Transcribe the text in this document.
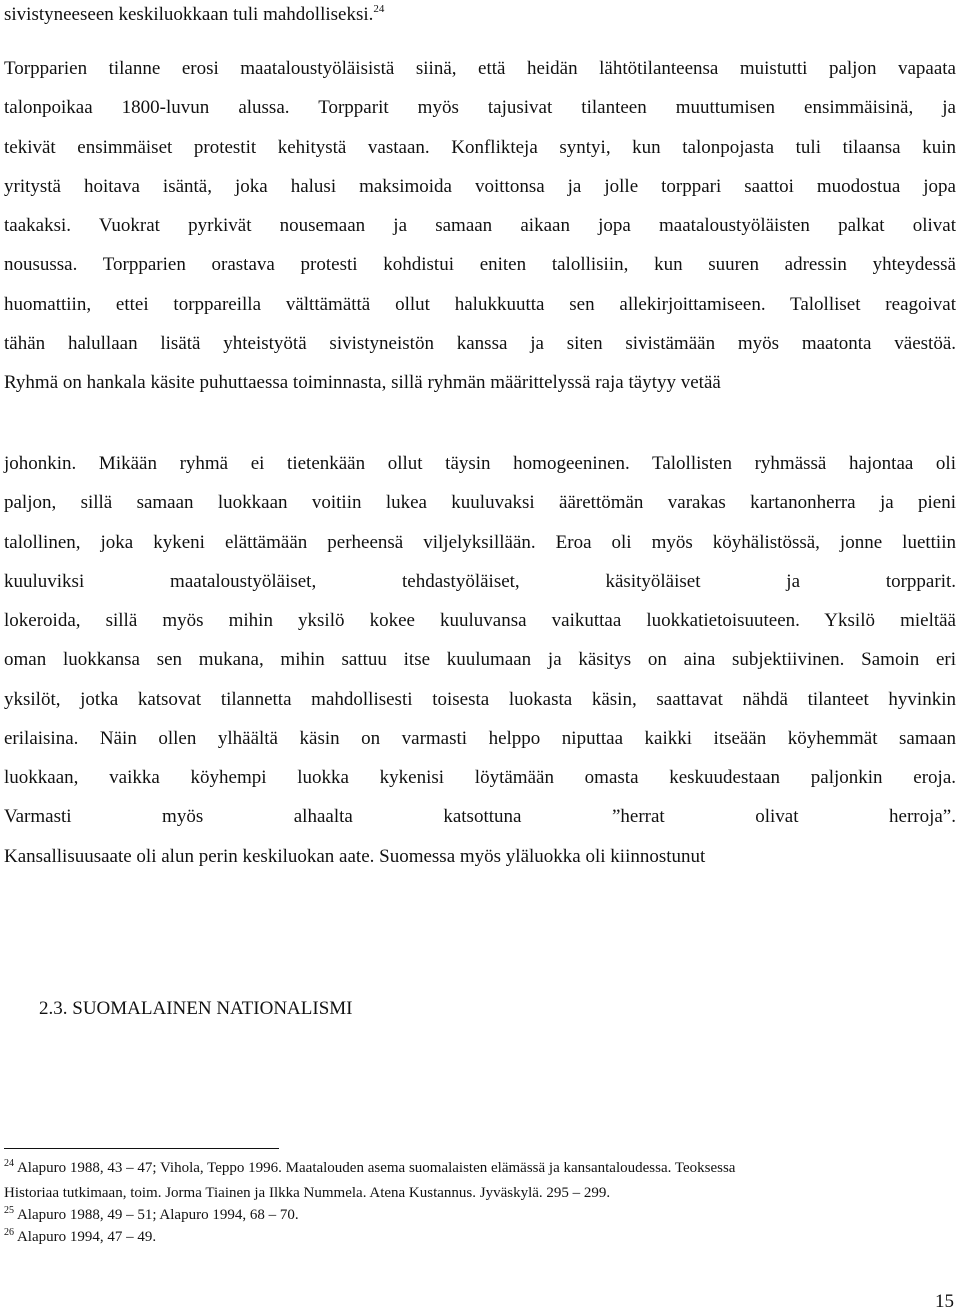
sivistyneeseen keskiluokkaan tuli mahdolliseksi.$^{24}$
Torpparien tilanne erosi maataloustyöläisistä siinä, että heidän lähtötilanteensa muistutti paljon vapaata
talonpoikaa 1800-luvun alussa. Torpparit myös tajusivat tilanteen muuttumisen ensimmäisinä, ja
tekivät ensimmäiset protestit kehitystä vastaan. Konflikteja syntyi, kun talonpojasta tuli tilaansa kuin
yritystä hoitava isäntä, joka halusi maksimoida voittonsa ja jolle torppari saattoi muodostua jopa
taakaksi. Vuokrat pyrkivät nousemaan ja samaan aikaan jopa maataloustyöläisten palkat olivat
nousussa. Torpparien orastava protesti kohdistui eniten talollisiin, kun suuren adressin yhteydessä
huomattiin, ettei torppareilla välttämättä ollut halukkuutta sen allekirjoittamiseen. Talolliset reagoivat
tähän halullaan lisätä yhteistyötä sivistyneistön kanssa ja siten sivistämään myös maatonta väestöä.
Ryhmä on hankala käsite puhuttaessa toiminnasta, sillä ryhmän määrittelyssä raja täytyy vetää
johonkin. Mikään ryhmä ei tietenkään ollut täysin homogeeninen. Talollisten ryhmässä hajontaa oli
paljon, sillä samaan luokkaan voitiin lukea kuuluvaksi äärettömän varakas kartanonherra ja pieni
talollinen, joka kykeni elättämään perheensä viljelyksillään. Eroa oli myös köyhälistössä, jonne luettiin
kuuluviksi maataloustyöläiset, tehdastyöläiset, käsityöläiset ja torpparit.
lokeroida, sillä myös mihin yksilö kokee kuuluvansa vaikuttaa luokkatietoisuuteen. Yksilö mieltää
oman luokkansa sen mukana, mihin sattuu itse kuulumaan ja käsitys on aina subjektiivinen. Samoin eri
yksilöt, jotka katsovat tilannetta mahdollisesti toisesta luokasta käsin, saattavat nähdä tilanteet hyvinkin
erilaisina. Näin ollen ylhäältä käsin on varmasti helppo niputtaa kaikki itseään köyhemmät samaan
luokkaan, vaikka köyhempi luokka kykenisi löytämään omasta keskuudestaan paljonkin eroja.
Varmasti myös alhaalta katsottuna ”herrat olivat herroja”.
Kansallisuusaate oli alun perin keskiluokan aate. Suomessa myös yläluokka oli kiinnostunut
2.3. SUOMALAINEN NATIONALISMI
$^{24}$ Alapuro 1988, 43 – 47; Vihola, Teppo 1996. Maatalouden asema suomalaisten elämässä ja kansantaloudessa. Teoksessa
Historiaa tutkimaan, toim. Jorma Tiainen ja Ilkka Nummela. Atena Kustannus. Jyväskylä. 295 – 299.
$^{25}$ Alapuro 1988, 49 – 51; Alapuro 1994, 68 – 70.
$^{26}$ Alapuro 1994, 47 – 49.
15
